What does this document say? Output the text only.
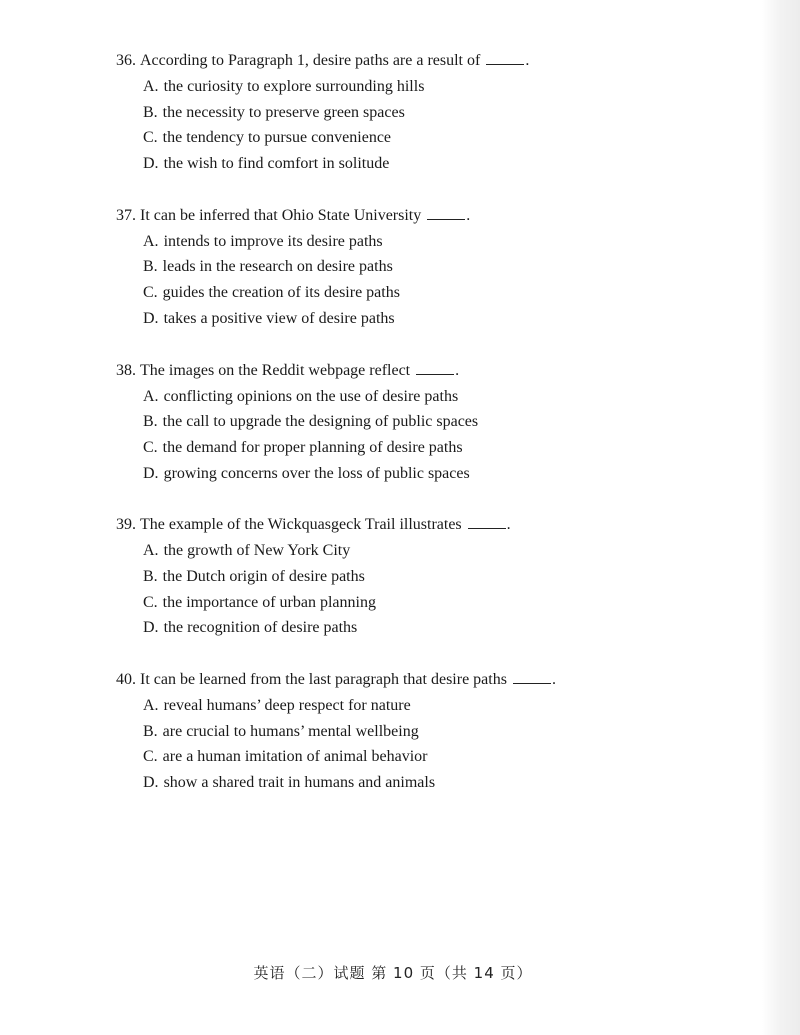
36. According to Paragraph 1, desire paths are a result of	.
A. the curiosity to explore surrounding hills
B. the necessity to preserve green spaces
C. the tendency to pursue convenience
D. the wish to find comfort in solitude
37. It can be inferred that Ohio State University	.
A. intends to improve its desire paths
B. leads in the research on desire paths
C. guides the creation of its desire paths
D. takes a positive view of desire paths
38. The images on the Reddit webpage reflect	.
A. conflicting opinions on the use of desire paths
B. the call to upgrade the designing of public spaces
C. the demand for proper planning of desire paths
D. growing concerns over the loss of public spaces
39. The example of the Wickquasgeck Trail illustrates	.
A. the growth of New York City
B. the Dutch origin of desire paths
C. the importance of urban planning
D. the recognition of desire paths
40. It can be learned from the last paragraph that desire paths	.
A. reveal humans’ deep respect for nature
B. are crucial to humans’ mental wellbeing
C. are a human imitation of animal behavior
D. show a shared trait in humans and animals
英语（二）试题 第 10 页（共 14 页）
